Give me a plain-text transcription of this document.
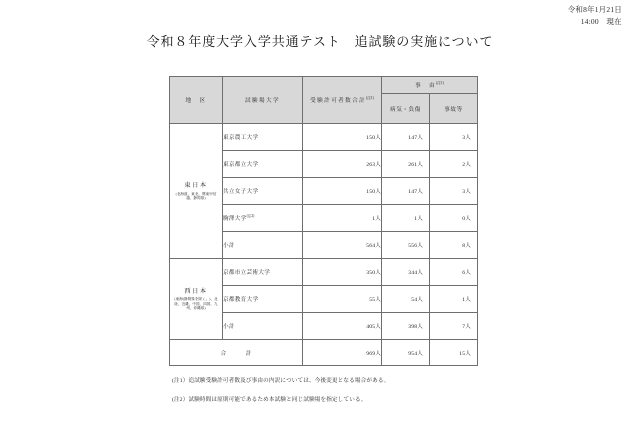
令和8年1月21日
14:00　現在
令和８年度大学入学共通テスト　追試験の実施について
地　区	試験場大学	受験許可者数合計$^{(注1)}$	事　由$^{(注1)}$
			病気・負傷	事故等

東日本
(北海道、東北、関東甲信越、静岡県)	東京農工大学	150人	147人	3人
	東京都立大学	263人	261人	2人
	共立女子大学	150人	147人	3人
	駒澤大学$^{(注2)}$	1人	1人	0人
	小計	564人	556人	8人

西日本
(東海(静岡県を除く。)、北陸、近畿、中国、四国、九州、沖縄県)	京都市立芸術大学	350人	344人	6人
	京都教育大学	55人	54人	1人
	小計	405人	398人	7人
合　計		969人	954人	15人
(注1）追試験受験許可者数及び事由の内訳については、今後変更となる場合がある。
(注2）試験時間は原則可能であるため本試験と同じ試験場を指定している。
